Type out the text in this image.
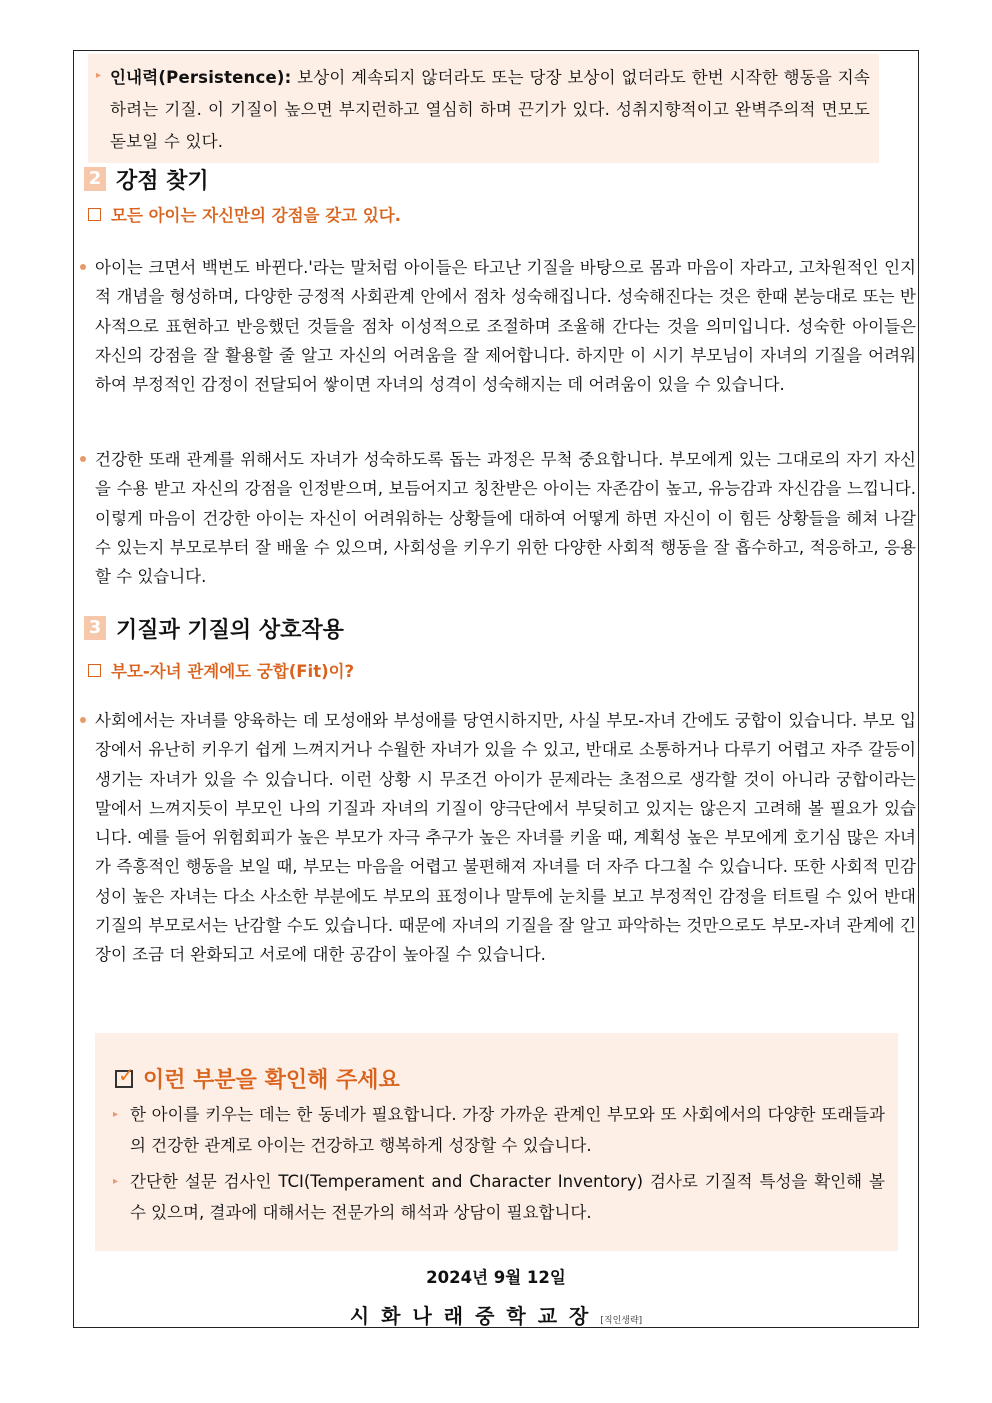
▸ 인내력(Persistence): 보상이 계속되지 않더라도 또는 당장 보상이 없더라도 한번 시작한 행동을 지속하려는 기질. 이 기질이 높으면 부지런하고 열심히 하며 끈기가 있다. 성취지향적이고 완벽주의적 면모도 돋보일 수 있다.

2 강점 찾기
모든 아이는 자신만의 강점을 갖고 있다.

아이는 크면서 백번도 바뀐다.'라는 말처럼 아이들은 타고난 기질을 바탕으로 몸과 마음이 자라고, 고차원적인 인지적 개념을 형성하며, 다양한 긍정적 사회관계 안에서 점차 성숙해집니다. 성숙해진다는 것은 한때 본능대로 또는 반사적으로 표현하고 반응했던 것들을 점차 이성적으로 조절하며 조율해 간다는 것을 의미입니다. 성숙한 아이들은 자신의 강점을 잘 활용할 줄 알고 자신의 어려움을 잘 제어합니다. 하지만 이 시기 부모님이 자녀의 기질을 어려워하여 부정적인 감정이 전달되어 쌓이면 자녀의 성격이 성숙해지는 데 어려움이 있을 수 있습니다.

건강한 또래 관계를 위해서도 자녀가 성숙하도록 돕는 과정은 무척 중요합니다. 부모에게 있는 그대로의 자기 자신을 수용 받고 자신의 강점을 인정받으며, 보듬어지고 칭찬받은 아이는 자존감이 높고, 유능감과 자신감을 느낍니다. 이렇게 마음이 건강한 아이는 자신이 어려워하는 상황들에 대하여 어떻게 하면 자신이 이 힘든 상황들을 헤쳐 나갈 수 있는지 부모로부터 잘 배울 수 있으며, 사회성을 키우기 위한 다양한 사회적 행동을 잘 흡수하고, 적응하고, 응용할 수 있습니다.

3 기질과 기질의 상호작용
부모-자녀 관계에도 궁합(Fit)이?

사회에서는 자녀를 양육하는 데 모성애와 부성애를 당연시하지만, 사실 부모-자녀 간에도 궁합이 있습니다. 부모 입장에서 유난히 키우기 쉽게 느껴지거나 수월한 자녀가 있을 수 있고, 반대로 소통하거나 다루기 어렵고 자주 갈등이 생기는 자녀가 있을 수 있습니다. 이런 상황 시 무조건 아이가 문제라는 초점으로 생각할 것이 아니라 궁합이라는 말에서 느껴지듯이 부모인 나의 기질과 자녀의 기질이 양극단에서 부딪히고 있지는 않은지 고려해 볼 필요가 있습니다. 예를 들어 위험회피가 높은 부모가 자극 추구가 높은 자녀를 키울 때, 계획성 높은 부모에게 호기심 많은 자녀가 즉흥적인 행동을 보일 때, 부모는 마음을 어렵고 불편해져 자녀를 더 자주 다그칠 수 있습니다. 또한 사회적 민감성이 높은 자녀는 다소 사소한 부분에도 부모의 표정이나 말투에 눈치를 보고 부정적인 감정을 터트릴 수 있어 반대 기질의 부모로서는 난감할 수도 있습니다. 때문에 자녀의 기질을 잘 알고 파악하는 것만으로도 부모-자녀 관계에 긴장이 조금 더 완화되고 서로에 대한 공감이 높아질 수 있습니다.

✓ 이런 부분을 확인해 주세요
▸ 한 아이를 키우는 데는 한 동네가 필요합니다. 가장 가까운 관계인 부모와 또 사회에서의 다양한 또래들과의 건강한 관계로 아이는 건강하고 행복하게 성장할 수 있습니다.

▸ 간단한 설문 검사인 TCI(Temperament and Character Inventory) 검사로 기질적 특성을 확인해 볼 수 있으며, 결과에 대해서는 전문가의 해석과 상담이 필요합니다.

2024년 9월 12일
시화나래중학교장[직인생략]
